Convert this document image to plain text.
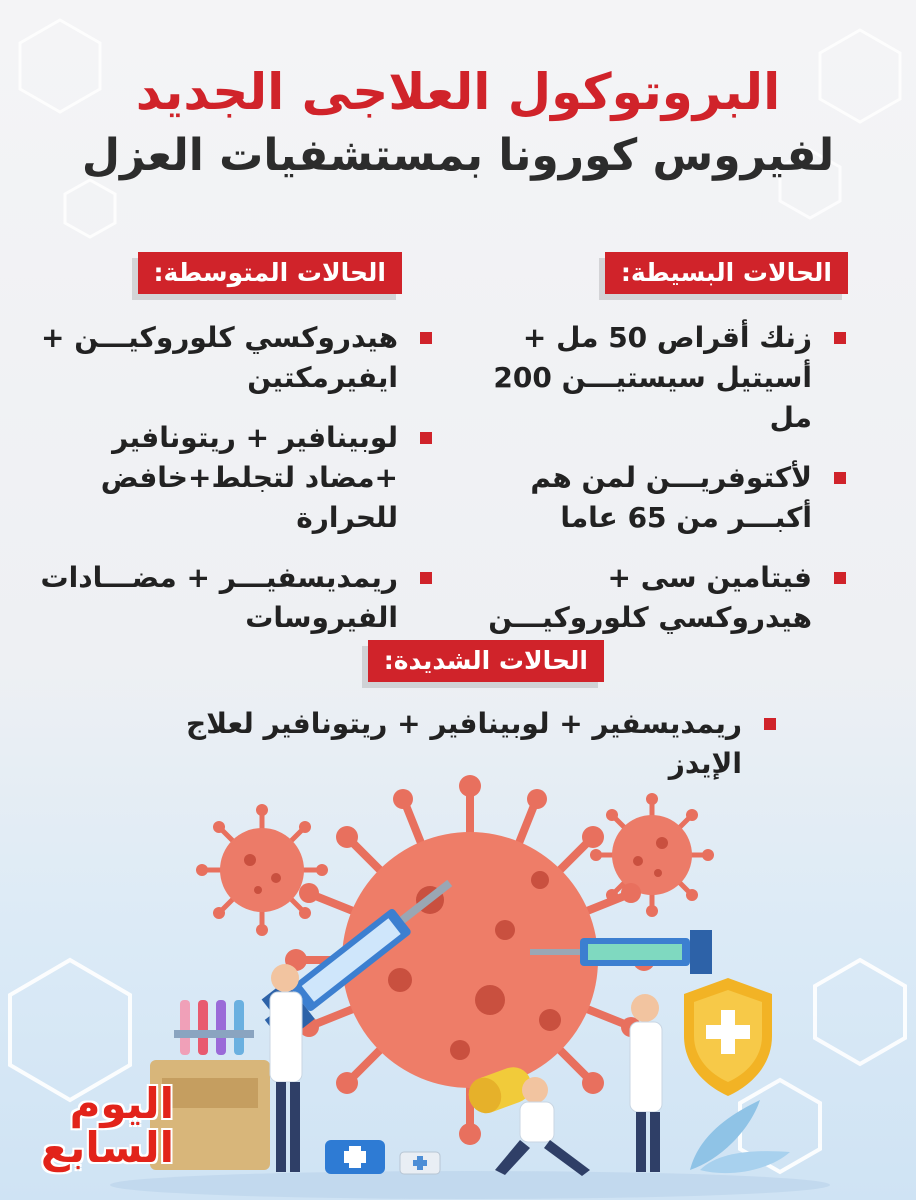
البروتوكول العلاجى الجديد
لفيروس كورونا بمستشفيات العزل
الحالات البسيطة:
زنك أقراص 50 مل + أسيتيل سيستيـــن 200 مل
لأكتوفريـــن لمن هم أكبـــر من 65 عاما
فيتامين سى + هيدروكسي كلوروكيـــن
الحالات المتوسطة:
هيدروكسي كلوروكيـــن + ايفيرمكتين
لوبينافير + ريتونافير +مضاد لتجلط+خافض للحرارة
ريمديسفيـــر + مضـــادات الفيروسات
الحالات الشديدة:
ريمديسفير + لوبينافير + ريتونافير لعلاج الإيدز
اليوم
السابع
